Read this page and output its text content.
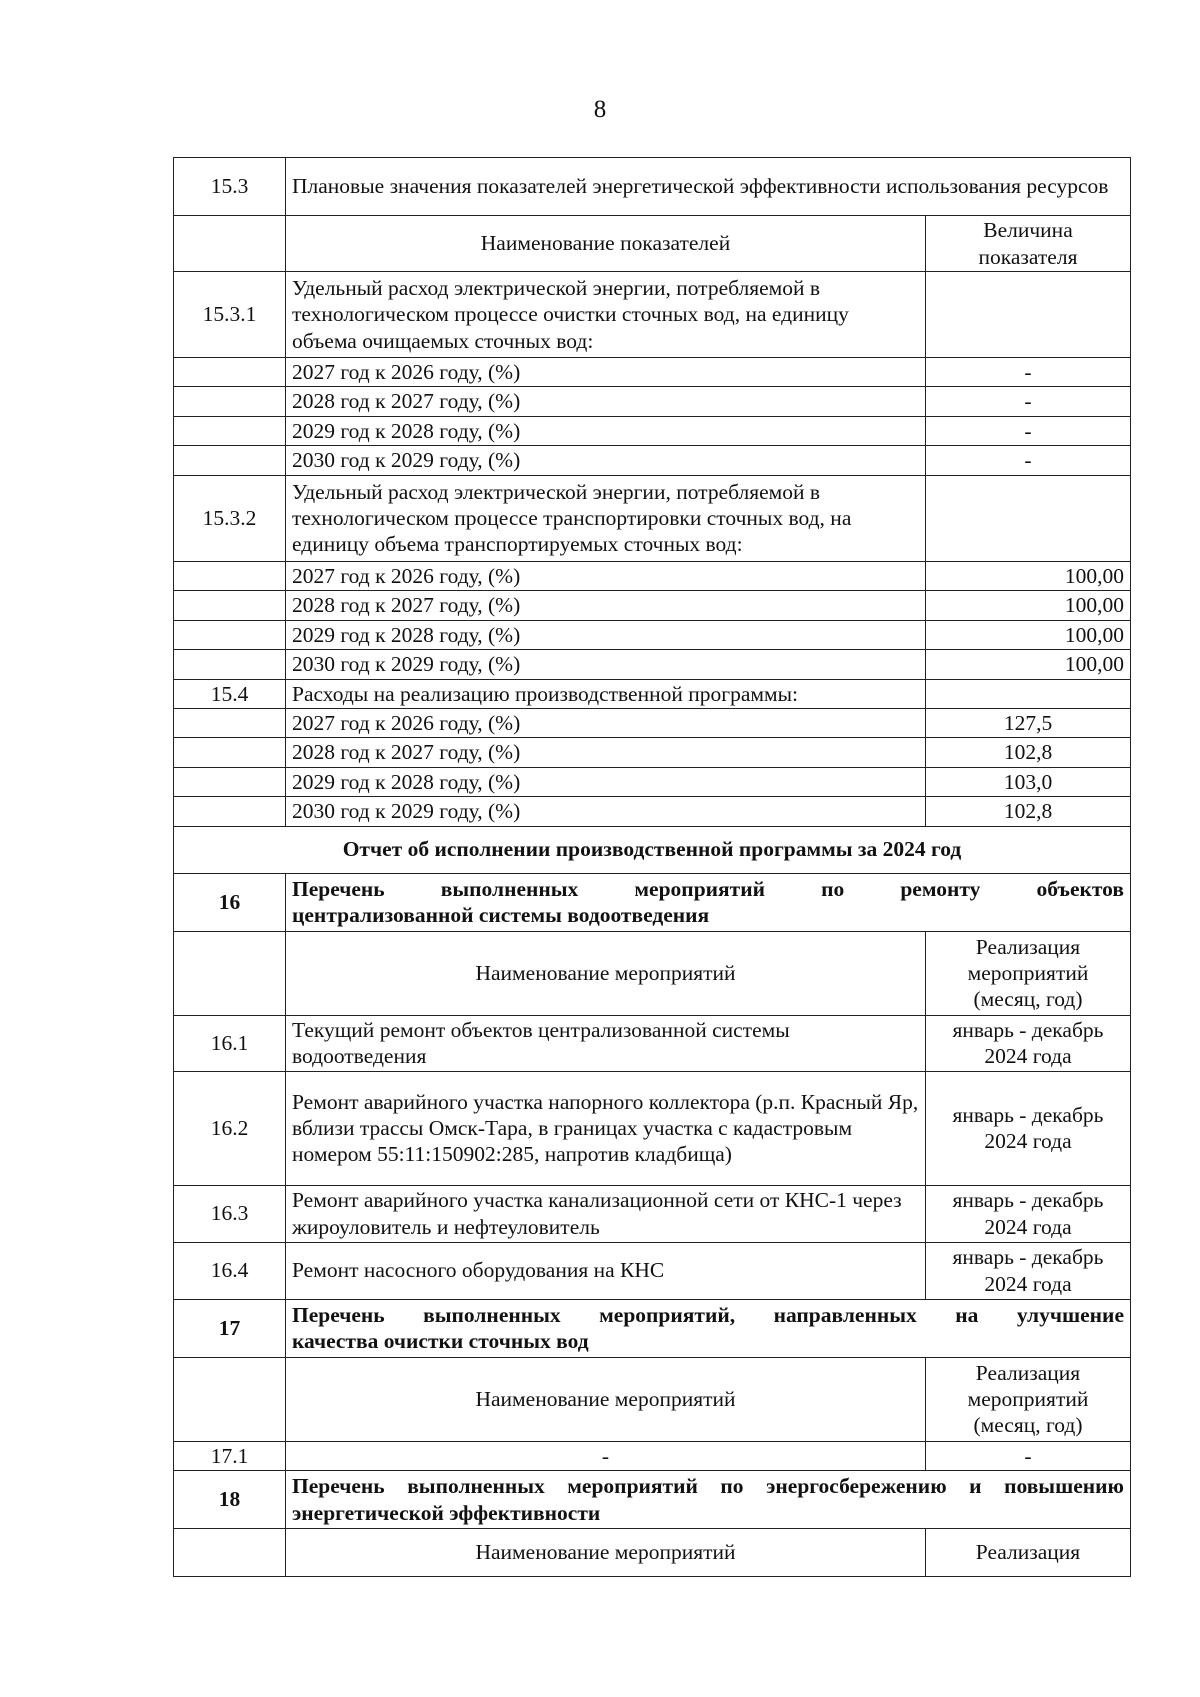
8
15.3	Плановые значения показателей энергетической эффективности использования ресурсов	
	Наименование показателей	Величина показателя
15.3.1	Удельный расход электрической энергии, потребляемой в технологическом процессе очистки сточных вод, на единицу объема очищаемых сточных вод:	
	2027 год к 2026 году, (%)	-
	2028 год к 2027 году, (%)	-
	2029 год к 2028 году, (%)	-
	2030 год к 2029 году, (%)	-
15.3.2	Удельный расход электрической энергии, потребляемой в технологическом процессе транспортировки сточных вод, на единицу объема транспортируемых сточных вод:	
	2027 год к 2026 году, (%)	100,00
	2028 год к 2027 году, (%)	100,00
	2029 год к 2028 году, (%)	100,00
	2030 год к 2029 году, (%)	100,00
15.4	Расходы на реализацию производственной программы:	
	2027 год к 2026 году, (%)	127,5
	2028 год к 2027 году, (%)	102,8
	2029 год к 2028 году, (%)	103,0
	2030 год к 2029 году, (%)	102,8
Отчет об исполнении производственной программы за 2024 год		
16	Перечень выполненных мероприятий по ремонту объектов
централизованной системы водоотведения	
	Наименование мероприятий	Реализация мероприятий (месяц, год)
16.1	Текущий ремонт объектов централизованной системы водоотведения	январь - декабрь 2024 года
16.2	Ремонт аварийного участка напорного коллектора (р.п. Красный Яр, вблизи трассы Омск-Тара, в границах участка с кадастровым номером 55:11:150902:285, напротив кладбища)	январь - декабрь 2024 года
16.3	Ремонт аварийного участка канализационной сети от КНС-1 через жироуловитель и нефтеуловитель	январь - декабрь 2024 года
16.4	Ремонт насосного оборудования на КНС	январь - декабрь 2024 года
17	Перечень выполненных мероприятий, направленных на улучшение
качества очистки сточных вод	
	Наименование мероприятий	Реализация мероприятий (месяц, год)
17.1	-	-
18	Перечень выполненных мероприятий по энергосбережению и повышению
энергетической эффективности	
	Наименование мероприятий	Реализация
